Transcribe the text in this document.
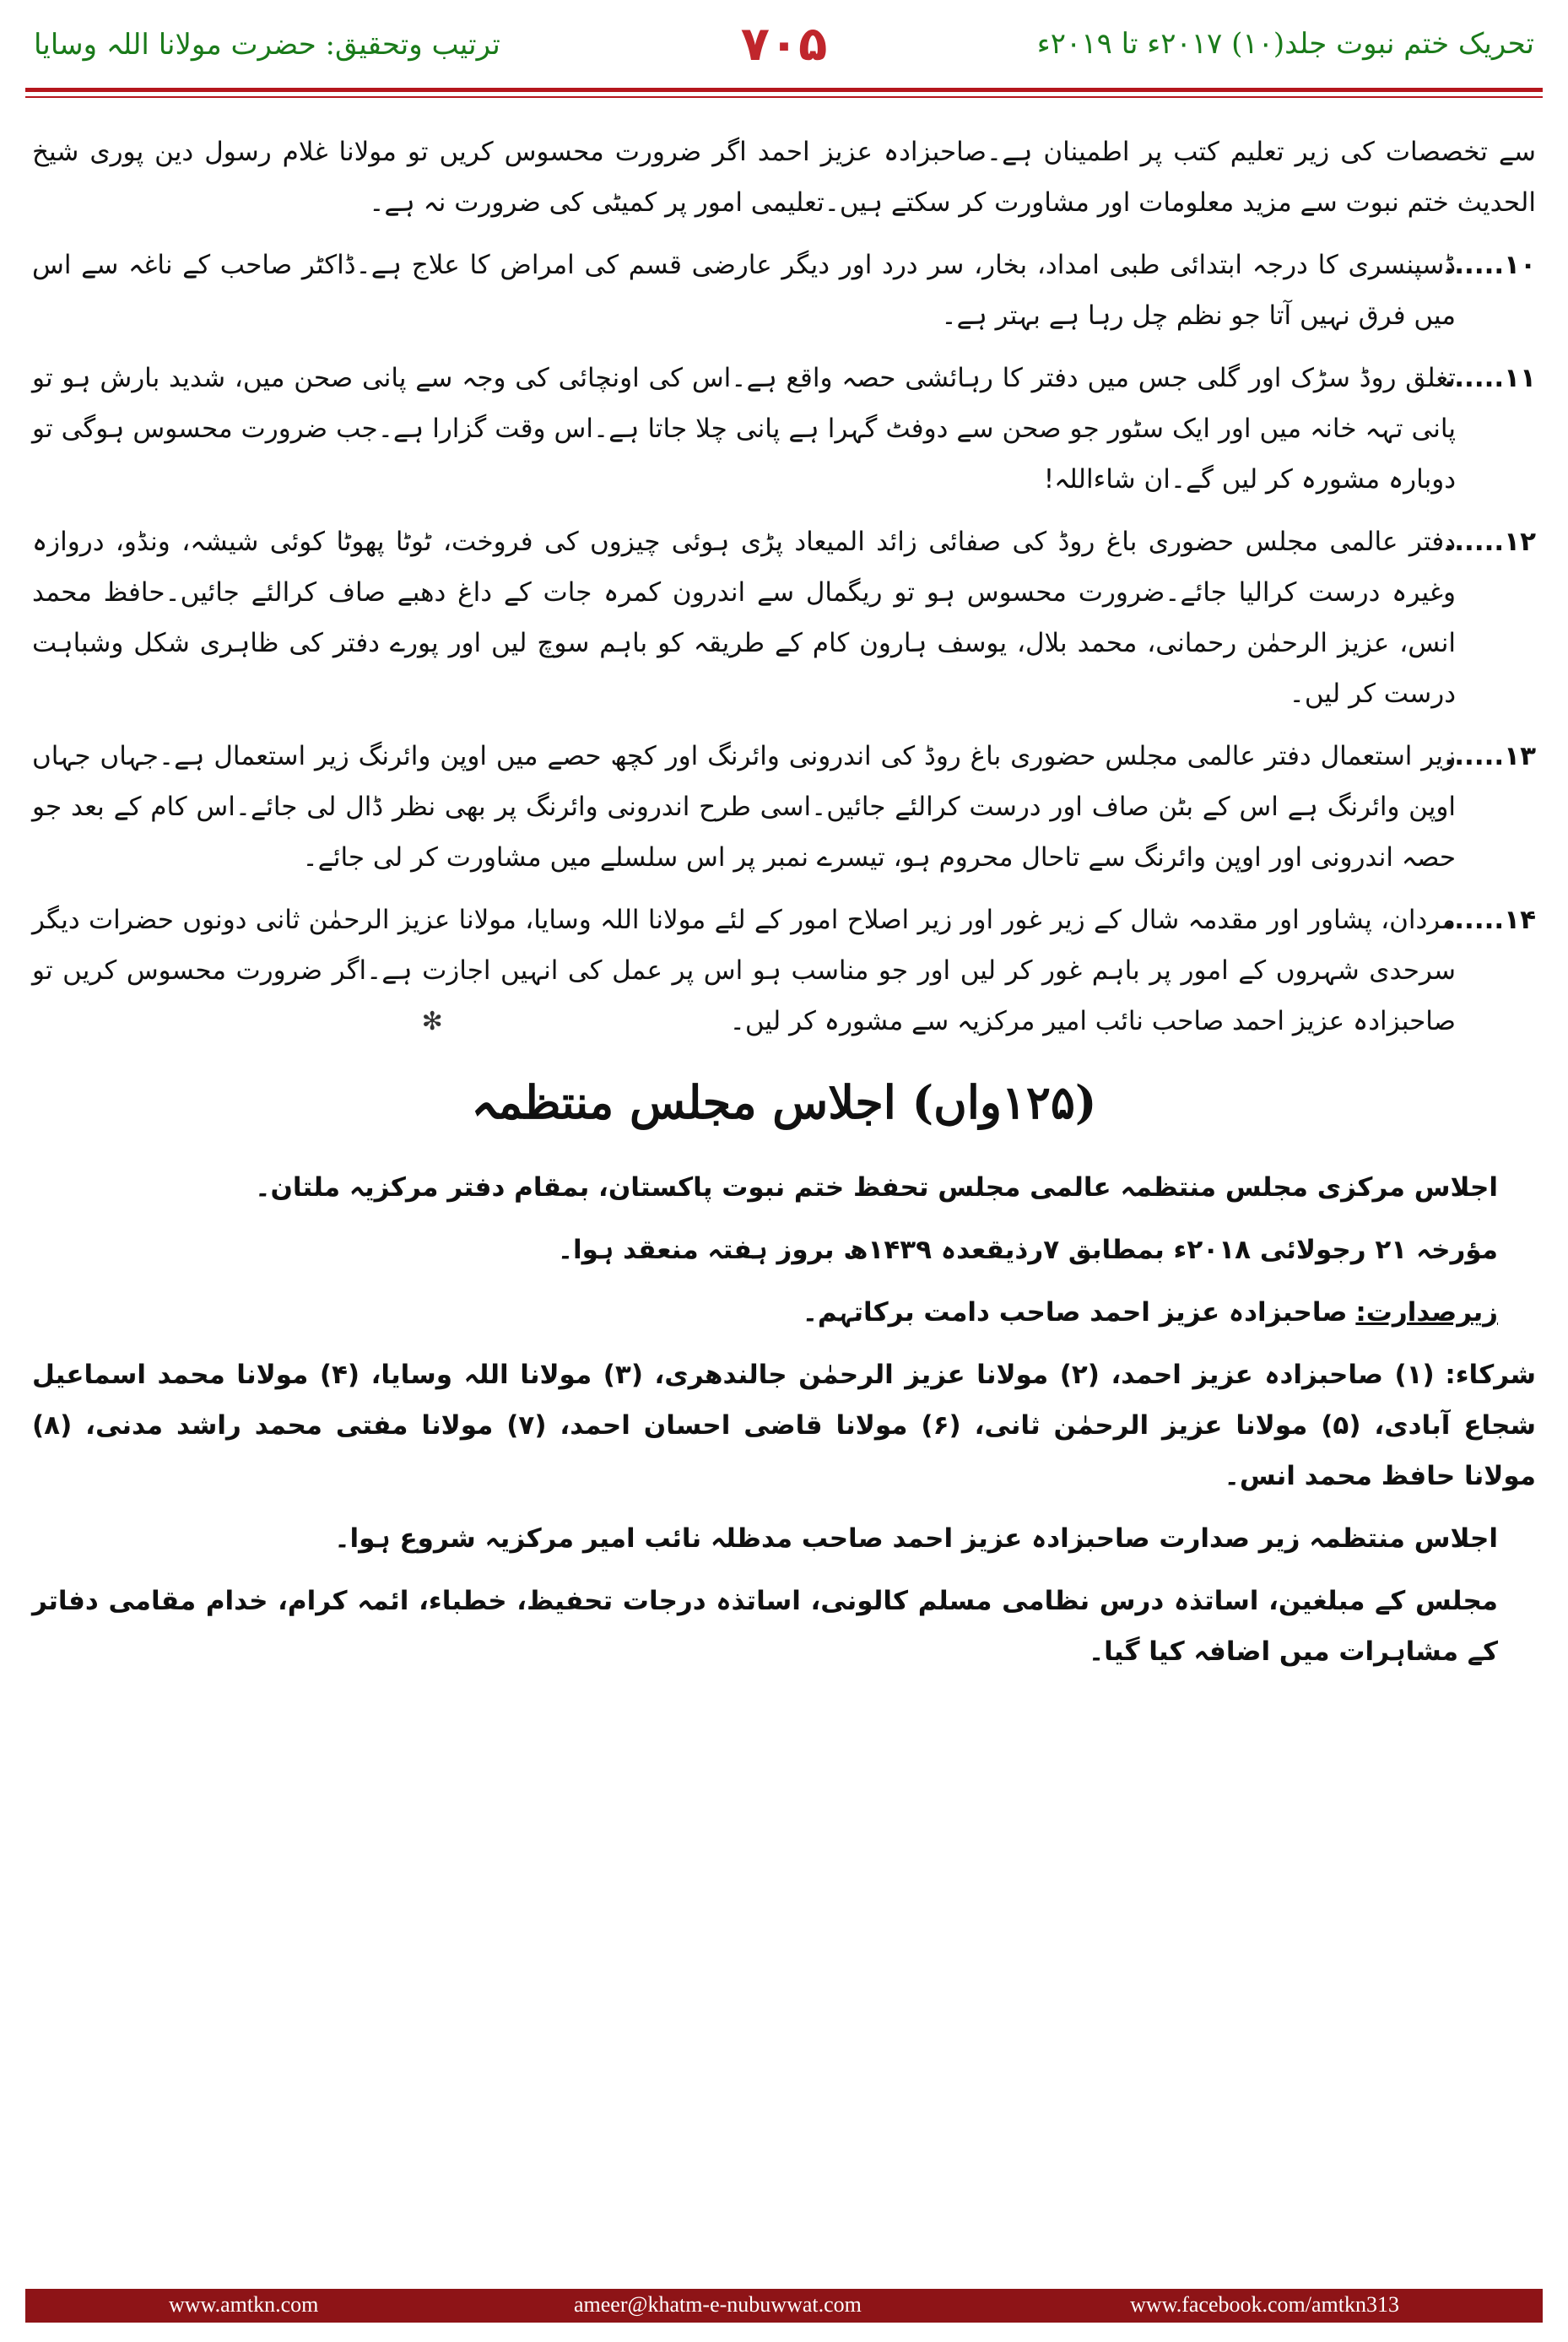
تحریک ختم نبوت جلد(۱۰) ۲۰۱۷ء تا ۲۰۱۹ء
۷۰۵
ترتیب وتحقیق: حضرت مولانا اللہ وسایا

سے تخصصات کی زیر تعلیم کتب پر اطمینان ہے۔صاحبزادہ عزیز احمد اگر ضرورت محسوس کریں تو مولانا غلام رسول دین پوری شیخ الحدیث ختم نبوت سے مزید معلومات اور مشاورت کر سکتے ہیں۔تعلیمی امور پر کمیٹی کی ضرورت نہ ہے۔

۱۰......
ڈسپنسری کا درجہ ابتدائی طبی امداد، بخار، سر درد اور دیگر عارضی قسم کی امراض کا علاج ہے۔ڈاکٹر صاحب کے ناغہ سے اس میں فرق نہیں آتا جو نظم چل رہا ہے بہتر ہے۔
۱۱......
تغلق روڈ سڑک اور گلی جس میں دفتر کا رہائشی حصہ واقع ہے۔اس کی اونچائی کی وجہ سے پانی صحن میں، شدید بارش ہو تو پانی تہہ خانہ میں اور ایک سٹور جو صحن سے دوفٹ گہرا ہے پانی چلا جاتا ہے۔اس وقت گزارا ہے۔جب ضرورت محسوس ہوگی تو دوبارہ مشورہ کر لیں گے۔ان شاءاللہ!
۱۲......
دفتر عالمی مجلس حضوری باغ روڈ کی صفائی زائد المیعاد پڑی ہوئی چیزوں کی فروخت، ٹوٹا پھوٹا کوئی شیشہ، ونڈو، دروازہ وغیرہ درست کرالیا جائے۔ضرورت محسوس ہو تو ریگمال سے اندرون کمرہ جات کے داغ دھبے صاف کرالئے جائیں۔حافظ محمد انس، عزیز الرحمٰن رحمانی، محمد بلال، یوسف ہارون کام کے طریقہ کو باہم سوچ لیں اور پورے دفتر کی ظاہری شکل وشباہت درست کر لیں۔
۱۳......
زیر استعمال دفتر عالمی مجلس حضوری باغ روڈ کی اندرونی وائرنگ اور کچھ حصے میں اوپن وائرنگ زیر استعمال ہے۔جہاں جہاں اوپن وائرنگ ہے اس کے بٹن صاف اور درست کرالئے جائیں۔اسی طرح اندرونی وائرنگ پر بھی نظر ڈال لی جائے۔اس کام کے بعد جو حصہ اندرونی اور اوپن وائرنگ سے تاحال محروم ہو، تیسرے نمبر پر اس سلسلے میں مشاورت کر لی جائے۔
۱۴......
مردان، پشاور اور مقدمہ شال کے زیر غور اور زیر اصلاح امور کے لئے مولانا اللہ وسایا، مولانا عزیز الرحمٰن ثانی دونوں حضرات دیگر سرحدی شہروں کے امور پر باہم غور کر لیں اور جو مناسب ہو اس پر عمل کی انہیں اجازت ہے۔اگر ضرورت محسوس کریں تو صاحبزادہ عزیز احمد صاحب نائب امیر مرکزیہ سے مشورہ کر لیں۔ ✻
(۱۲۵واں) اجلاس مجلس منتظمہ

اجلاس مرکزی مجلس منتظمہ عالمی مجلس تحفظ ختم نبوت پاکستان، بمقام دفتر مرکزیہ ملتان۔

مؤرخہ ۲۱ رجولائی ۲۰۱۸ء بمطابق ۷رذیقعدہ ۱۴۳۹ھ بروز ہفتہ منعقد ہوا۔

زیرصدارت: صاحبزادہ عزیز احمد صاحب دامت برکاتہم۔

شرکاء: (۱) صاحبزادہ عزیز احمد، (۲) مولانا عزیز الرحمٰن جالندھری، (۳) مولانا اللہ وسایا، (۴) مولانا محمد اسماعیل شجاع آبادی، (۵) مولانا عزیز الرحمٰن ثانی، (۶) مولانا قاضی احسان احمد، (۷) مولانا مفتی محمد راشد مدنی، (۸) مولانا حافظ محمد انس۔

اجلاس منتظمہ زیر صدارت صاحبزادہ عزیز احمد صاحب مدظلہ نائب امیر مرکزیہ شروع ہوا۔

مجلس کے مبلغین، اساتذہ درس نظامی مسلم کالونی، اساتذہ درجات تحفیظ، خطباء، ائمہ کرام، خدام مقامی دفاتر کے مشاہرات میں اضافہ کیا گیا۔

www.amtkn.com	ameer@khatm-e-nubuwwat.com	www.facebook.com/amtkn313
